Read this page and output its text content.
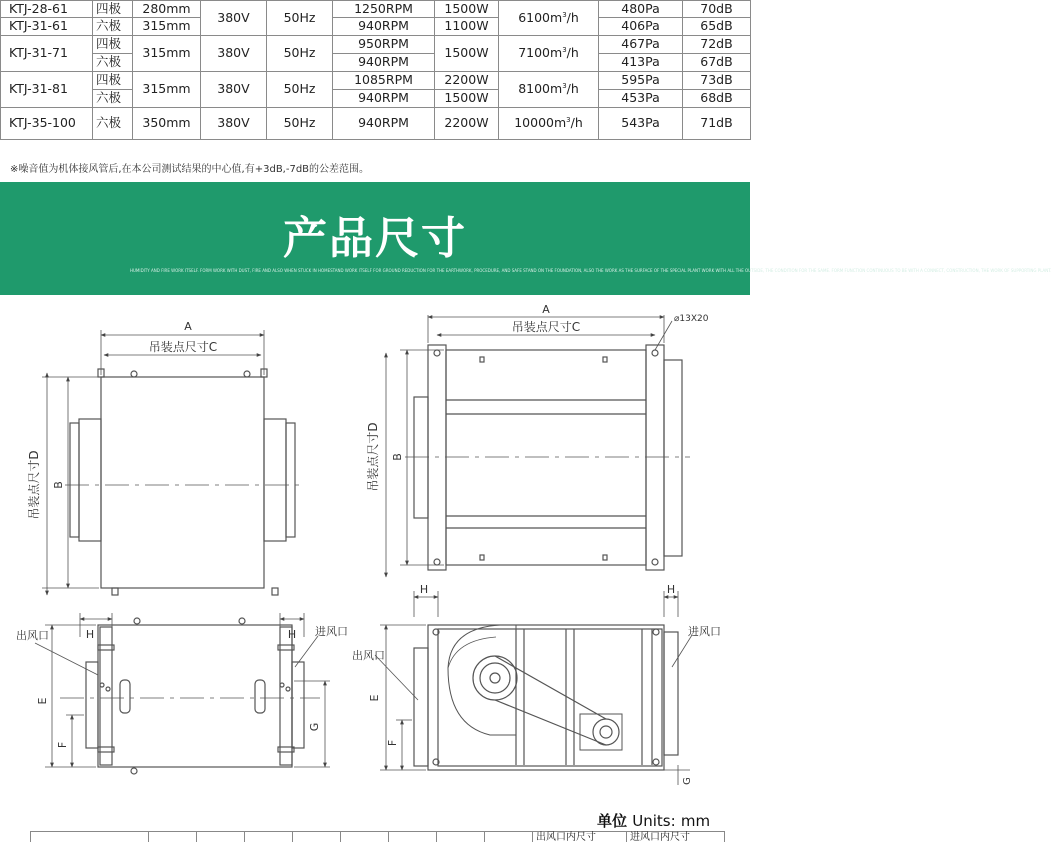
KTJ-28-61	四极	280mm	380V	50Hz	1250RPM	1500W	$6100m^3/h$	480Pa	70dB
KTJ-31-61	六极	315mm			940RPM	1100W		406Pa	65dB
KTJ-31-71	四极	315mm	380V	50Hz	950RPM	1500W	$7100m^3/h$	467Pa	72dB
	六极				940RPM			413Pa	67dB
KTJ-31-81	四极	315mm	380V	50Hz	1085RPM	2200W	$8100m^3/h$	595Pa	73dB
	六极				940RPM	1500W		453Pa	68dB
KTJ-35-100	六极	350mm	380V	50Hz	940RPM	2200W	$10000m^3/h$	543Pa	71dB
※噪音值为机体接风管后,在本公司测试结果的中心值,有+3dB,-7dB的公差范围。
产品尺寸
HUMIDITY AND FIRE WORK ITSELF. FORM WORK WITH DUST, FIRE AND ALSO WHEN STUCK IN HOMESTAND WORK ITSELF FOR GROUND REDUCTION FOR THE EARTHWORK, PROCEDURE, AND SAFE STAND ON THE FOUNDATION, ALSO THE WORK AS THE SURFACE OF THE SPECIAL PLANT WORK WITH ALL THE OUTSIDE, THE CONDITION FOR THE SAME. FORM FUNCTION CONTINUOUS TO BE WITH A CONNECT, CONSTRUCTION, THE WORK OF SUPPORTING PLANT.
A
吊装点尺寸C
B
吊装点尺寸D
A
吊装点尺寸C
⌀13X20
B
吊装点尺寸D
H	H
出风口	进风口
E
F
G
H	H
出风口
进风口
E
F
G
单位 Units: mm
出风口内尺寸	进风口内尺寸
